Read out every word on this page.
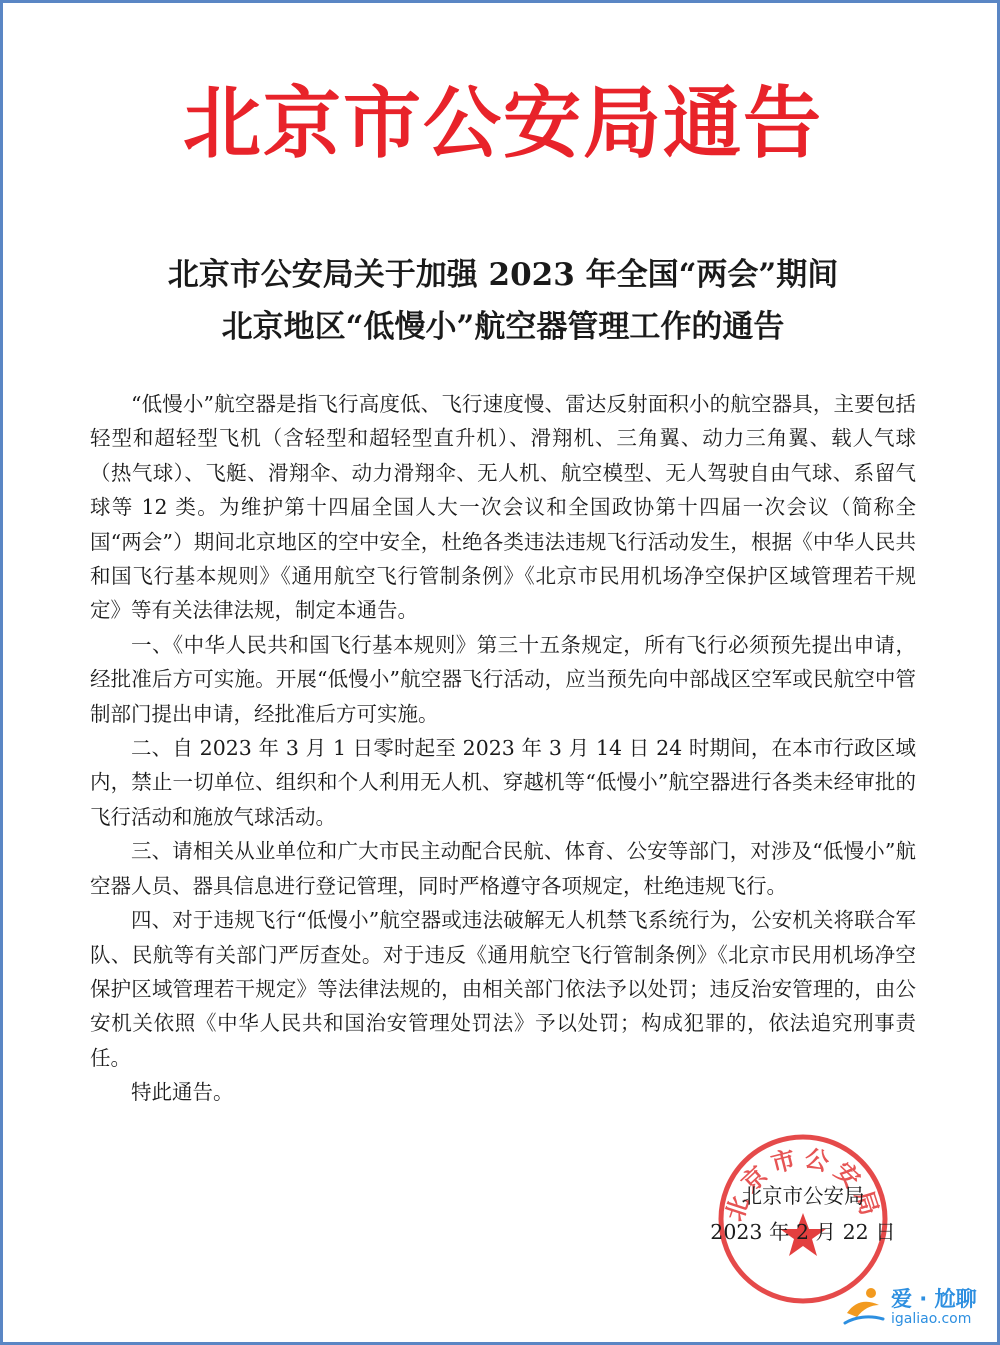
北京市公安局通告
北京市公安局关于加强 2023 年全国“两会”期间
北京地区“低慢小”航空器管理工作的通告

“低慢小”航空器是指飞行高度低、飞行速度慢、雷达反射面积小的航空器具，主要包括轻型和超轻型飞机（含轻型和超轻型直升机）、滑翔机、三角翼、动力三角翼、载人气球（热气球）、飞艇、滑翔伞、动力滑翔伞、无人机、航空模型、无人驾驶自由气球、系留气球等 12 类。为维护第十四届全国人大一次会议和全国政协第十四届一次会议（简称全国“两会”）期间北京地区的空中安全，杜绝各类违法违规飞行活动发生，根据《中华人民共和国飞行基本规则》《通用航空飞行管制条例》《北京市民用机场净空保护区域管理若干规定》等有关法律法规，制定本通告。

一、《中华人民共和国飞行基本规则》第三十五条规定，所有飞行必须预先提出申请，经批准后方可实施。开展“低慢小”航空器飞行活动，应当预先向中部战区空军或民航空中管制部门提出申请，经批准后方可实施。

二、自 2023 年 3 月 1 日零时起至 2023 年 3 月 14 日 24 时期间，在本市行政区域内，禁止一切单位、组织和个人利用无人机、穿越机等“低慢小”航空器进行各类未经审批的飞行活动和施放气球活动。

三、请相关从业单位和广大市民主动配合民航、体育、公安等部门，对涉及“低慢小”航空器人员、器具信息进行登记管理，同时严格遵守各项规定，杜绝违规飞行。

四、对于违规飞行“低慢小”航空器或违法破解无人机禁飞系统行为，公安机关将联合军队、民航等有关部门严厉查处。对于违反《通用航空飞行管制条例》《北京市民用机场净空保护区域管理若干规定》等法律法规的，由相关部门依法予以处罚；违反治安管理的，由公安机关依照《中华人民共和国治安管理处罚法》予以处罚；构成犯罪的，依法追究刑事责任。

特此通告。

北京市公安局
北京市公安局
2023 年 2 月 22 日
爱 · 尬聊
igaliao.com
